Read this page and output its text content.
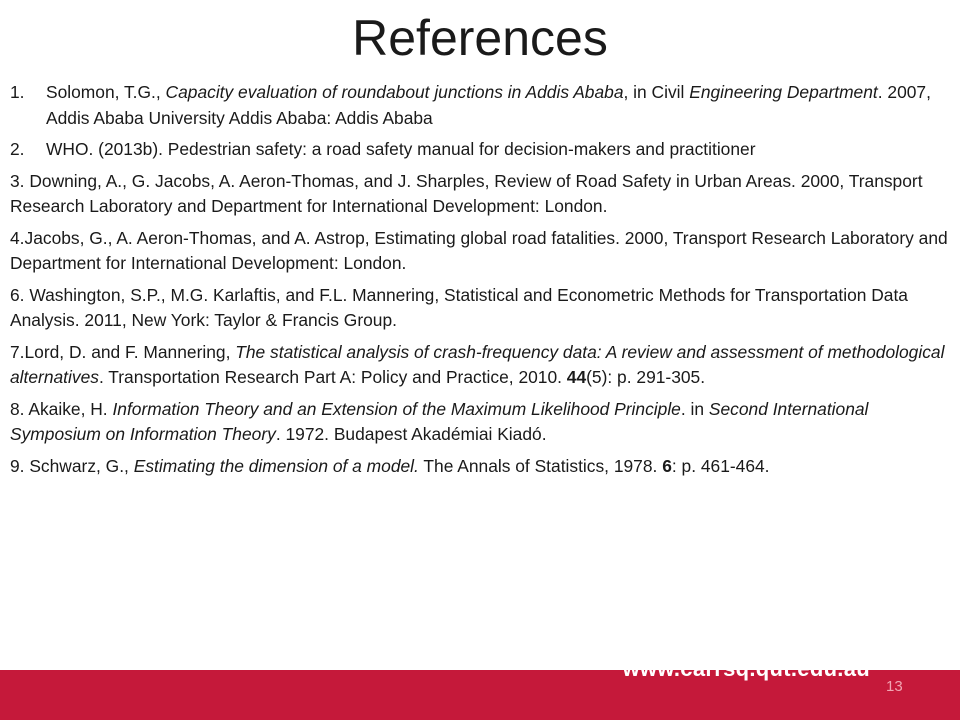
References
1. Solomon, T.G., Capacity evaluation of roundabout junctions in Addis Ababa, in Civil Engineering Department. 2007, Addis Ababa University Addis Ababa: Addis Ababa
2. WHO. (2013b). Pedestrian safety: a road safety manual for decision-makers and practitioner
3. Downing, A., G. Jacobs, A. Aeron-Thomas, and J. Sharples, Review of Road Safety in Urban Areas. 2000, Transport Research Laboratory and Department for International Development: London.
4.Jacobs, G., A. Aeron-Thomas, and A. Astrop, Estimating global road fatalities. 2000, Transport Research Laboratory and Department for International Development: London.
6. Washington, S.P., M.G. Karlaftis, and F.L. Mannering, Statistical and Econometric Methods for Transportation Data Analysis. 2011, New York: Taylor & Francis Group.
7.Lord, D. and F. Mannering, The statistical analysis of crash-frequency data: A review and assessment of methodological alternatives. Transportation Research Part A: Policy and Practice, 2010. 44(5): p. 291-305.
8. Akaike, H. Information Theory and an Extension of the Maximum Likelihood Principle. in Second International Symposium on Information Theory. 1972. Budapest Akadémiai Kiadó.
9. Schwarz, G., Estimating the dimension of a model. The Annals of Statistics, 1978. 6: p. 461-464.
www.carrsq.qut.edu.au
13
